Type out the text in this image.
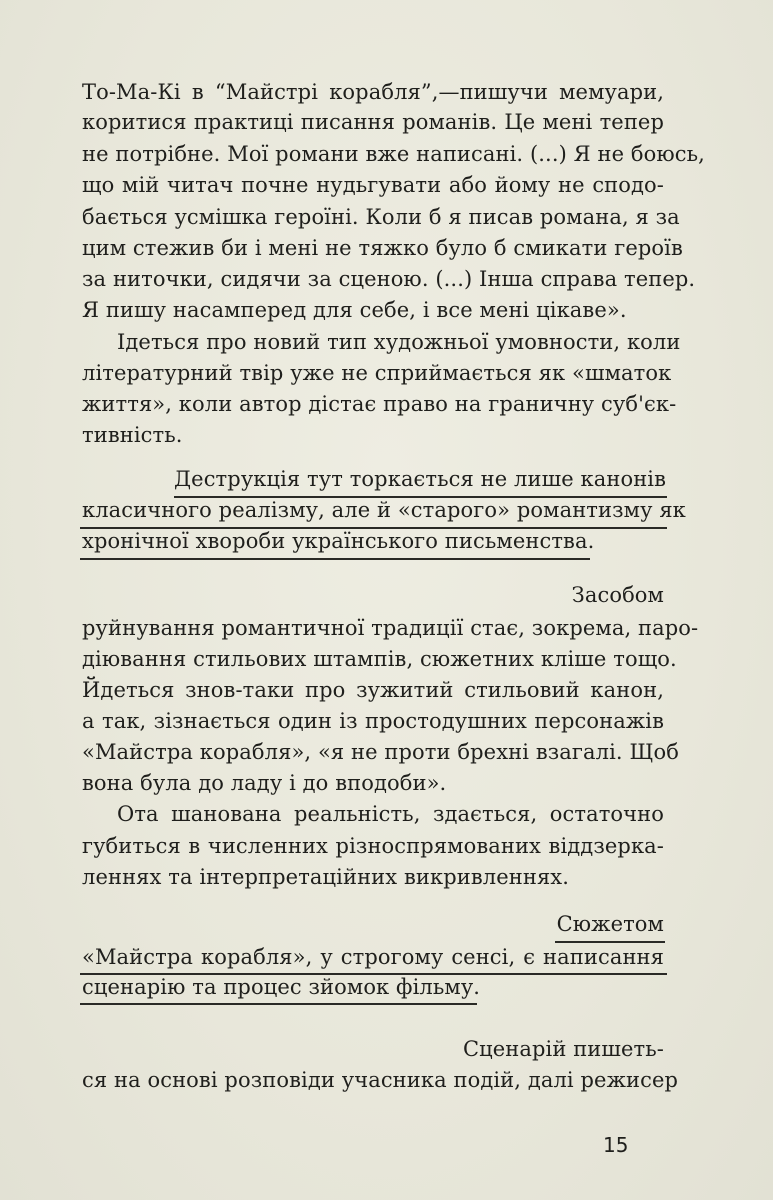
То-Ма-Кі в “Майстрі корабля”,—пишучи мемуари,
коритися практиці писання романів. Це мені тепер
не потрібне. Мої романи вже написані. (...) Я не боюсь,
що мій читач почне нудьгувати або йому не сподо-
бається усмішка героїні. Коли б я писав романа, я за
цим стежив би і мені не тяжко було б смикати героїв
за ниточки, сидячи за сценою. (...) Інша справа тепер.
Я пишу насамперед для себе, і все мені цікаве».
Ідеться про новий тип художньої умовности, коли
літературний твір уже не сприймається як «шматок
життя», коли автор дістає право на граничну суб'єк-
тивність.
Деструкція тут торкається не лише канонів
класичного реалізму, але й «старого» романтизму як
хронічної хвороби українського письменства.
Засобом
руйнування романтичної традиції стає, зокрема, паро-
діювання стильових штампів, сюжетних кліше тощо.
Йдеться знов-таки про зужитий стильовий канон,
а так, зізнається один із простодушних персонажів
«Майстра корабля», «я не проти брехні взагалі. Щоб
вона була до ладу і до вподоби».
Ота шанована реальність, здається, остаточно
губиться в численних різноспрямованих віддзеркa-
леннях та інтерпретаційних викривленнях.
Сюжетом
«Майстра корабля», у строгому сенсі, є написання
сценарію та процес зйомок фільму.
Сценарій пишеть-
ся на основі розповіди учасника подій, далі режисер
15
